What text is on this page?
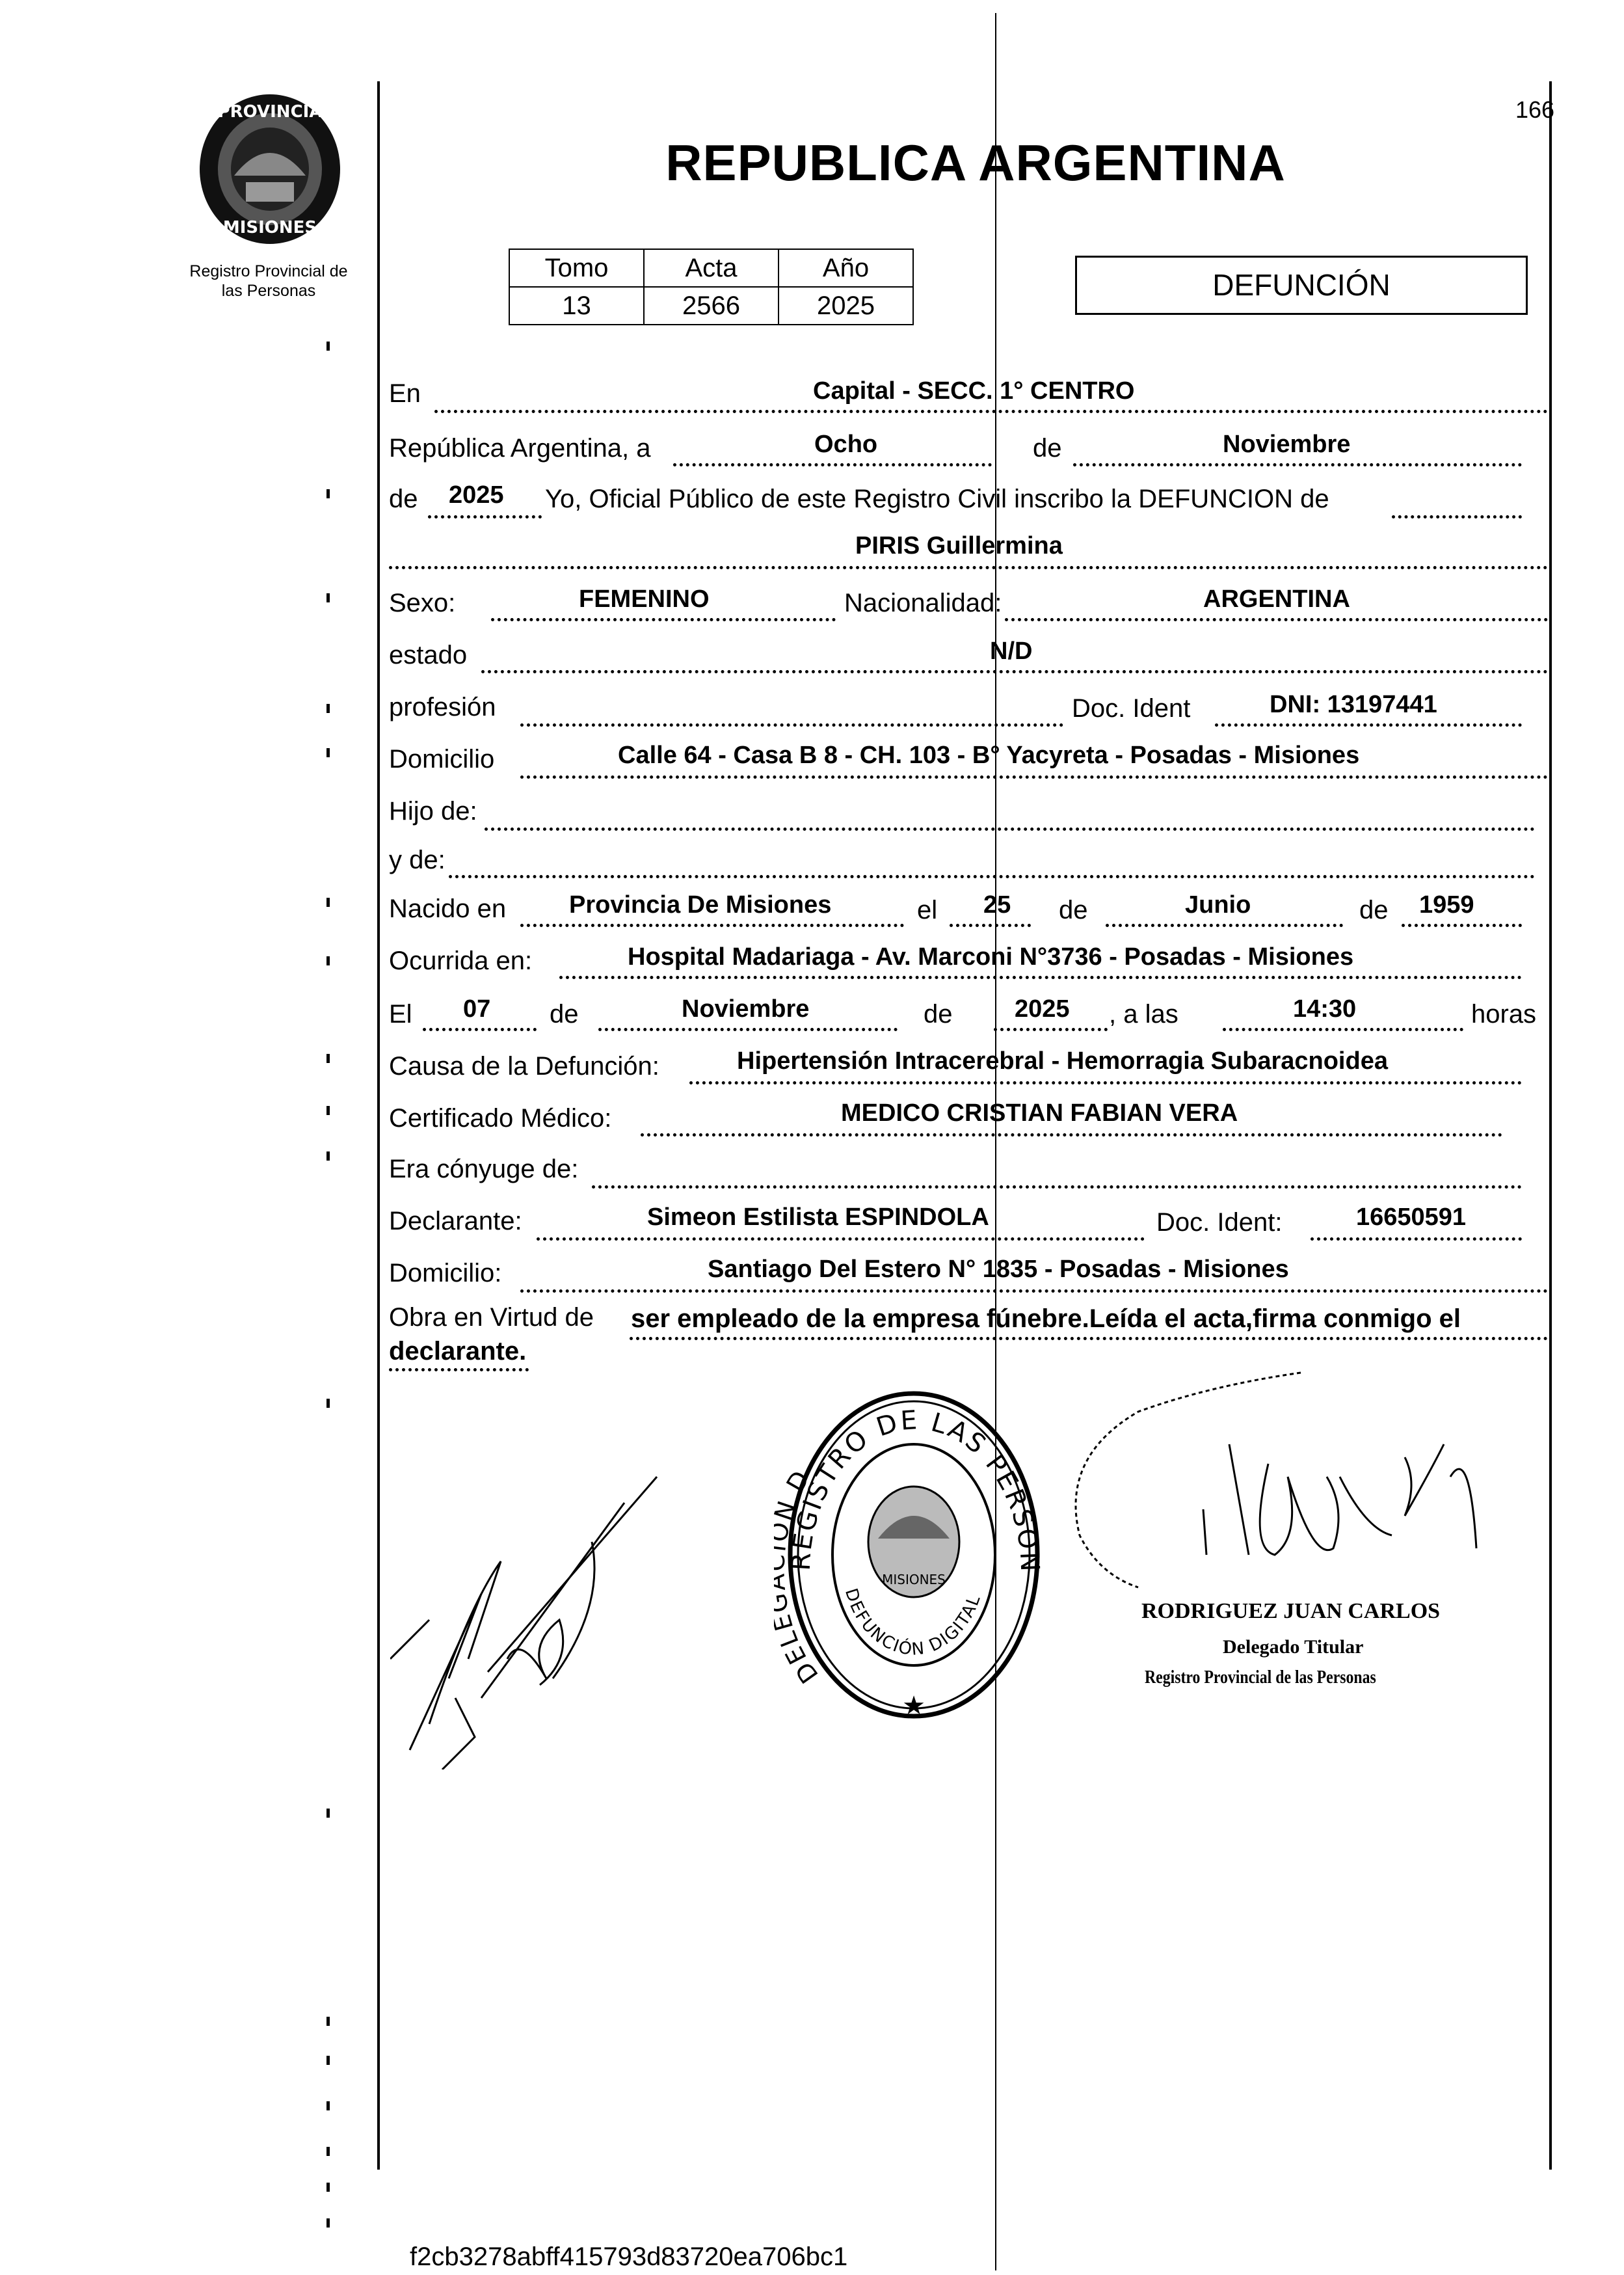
PROVINCIA
MISIONES
Registro Provincial de
las Personas
166
REPUBLICA ARGENTINA
Tomo	Acta	Año
13	2566	2025
DEFUNCIÓN
En	Capital - SECC. 1° CENTRO
República Argentina, a	Ocho	de	Noviembre
de 2025 Yo, Oficial Público de este Registro Civil inscribo la DEFUNCION de
PIRIS Guillermina
Sexo:	FEMENINO	Nacionalidad:	ARGENTINA
estado	N/D
profesión	Doc. Ident	DNI: 13197441
Domicilio	Calle 64 - Casa B 8 - CH. 103 - B° Yacyreta - Posadas - Misiones
Hijo de:
y de:
Nacido en	Provincia De Misiones	el 25 de	Junio	de 1959
Ocurrida en:	Hospital Madariaga - Av. Marconi N°3736 - Posadas - Misiones
El 07 de	Noviembre	de	2025 , a las	14:30	horas
Causa de la Defunción:	Hipertensión Intracerebral - Hemorragia Subaracnoidea
Certificado Médico:	MEDICO CRISTIAN FABIAN VERA
Era cónyuge de:
Declarante:	Simeon Estilista ESPINDOLA	Doc. Ident:	16650591
Domicilio:	Santiago Del Estero N° 1835 - Posadas - Misiones
Obra en Virtud de ser empleado de la empresa fúnebre.Leída el acta,firma conmigo el
declarante.
REGISTRO DE LAS PERSON
DEL D
DEFUNCIÓN DIGITAL
MISIONES
★
RODRIGUEZ JUAN CARLOS
Delegado Titular
Registro Provincial de las Personas
f2cb3278abff415793d83720ea706bc1
